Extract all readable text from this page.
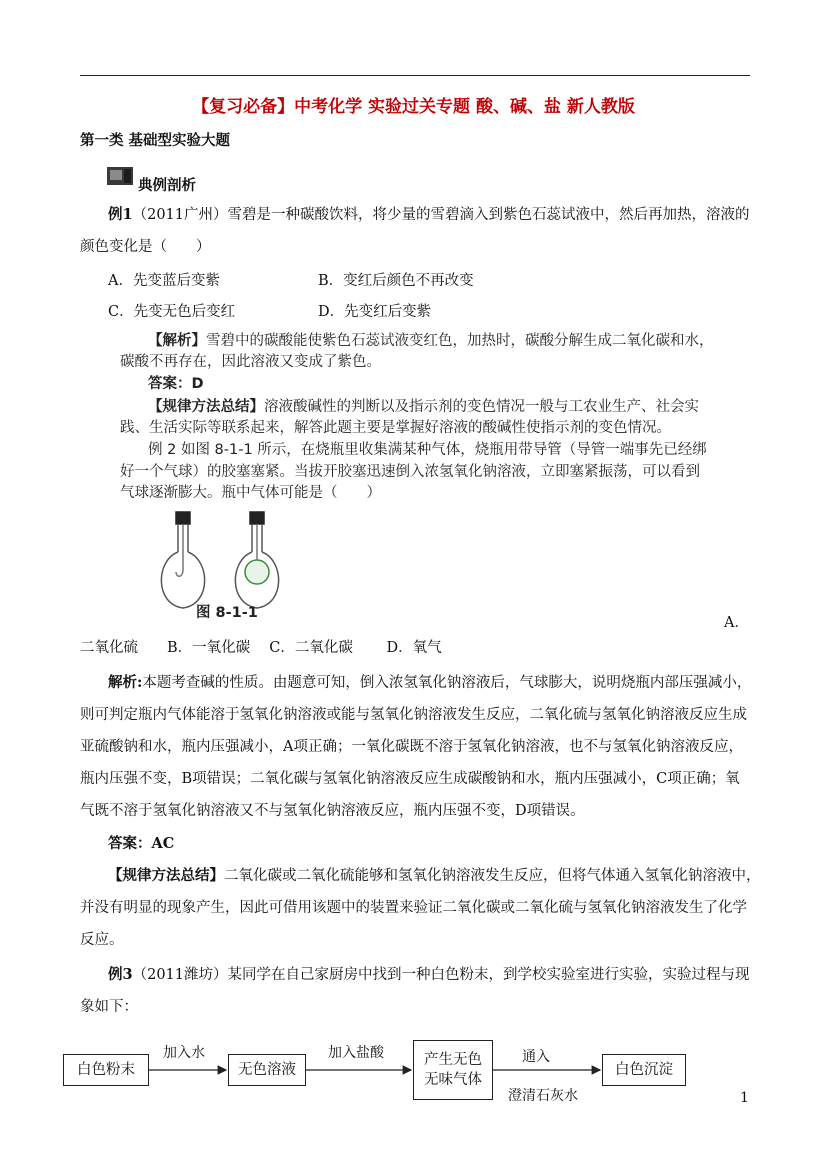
【复习必备】中考化学 实验过关专题 酸、碱、盐 新人教版
第一类 基础型实验大题
典例剖析
例1（2011广州）雪碧是一种碳酸饮料，将少量的雪碧滴入到紫色石蕊试液中，然后再加热，溶液的
颜色变化是（　　）
A．先变蓝后变紫	B．变红后颜色不再改变
C．先变无色后变红	D．先变红后变紫
【解析】雪碧中的碳酸能使紫色石蕊试液变红色，加热时，碳酸分解生成二氧化碳和水，
碳酸不再存在，因此溶液又变成了紫色。
答案：D
【规律方法总结】溶液酸碱性的判断以及指示剂的变色情况一般与工农业生产、社会实
践、生活实际等联系起来，解答此题主要是掌握好溶液的酸碱性使指示剂的变色情况。
例 2 如图 8-1-1 所示，在烧瓶里收集满某种气体，烧瓶用带导管（导管一端事先已经绑
好一个气球）的胶塞塞紧。当拔开胶塞迅速倒入浓氢氧化钠溶液，立即塞紧振荡，可以看到
气球逐渐膨大。瓶中气体可能是（　　）
图 8-1-1
A．
二氧化硫　　B．一氧化碳　 C．二氧化碳　　 D．氧气
解析:本题考查碱的性质。由题意可知，倒入浓氢氧化钠溶液后，气球膨大，说明烧瓶内部压强减小，
则可判定瓶内气体能溶于氢氧化钠溶液或能与氢氧化钠溶液发生反应，二氧化硫与氢氧化钠溶液反应生成
亚硫酸钠和水，瓶内压强减小，A项正确；一氧化碳既不溶于氢氧化钠溶液，也不与氢氧化钠溶液反应，
瓶内压强不变，B项错误；二氧化碳与氢氧化钠溶液反应生成碳酸钠和水，瓶内压强减小，C项正确；氧
气既不溶于氢氧化钠溶液又不与氢氧化钠溶液反应，瓶内压强不变，D项错误。
答案：AC
【规律方法总结】二氧化碳或二氧化硫能够和氢氧化钠溶液发生反应，但将气体通入氢氧化钠溶液中，
并没有明显的现象产生，因此可借用该题中的装置来验证二氧化碳或二氧化硫与氢氧化钠溶液发生了化学
反应。
例3（2011潍坊）某同学在自己家厨房中找到一种白色粉末，到学校实验室进行实验，实验过程与现
象如下：
白色粉末
加入水
无色溶液
加入盐酸	产生无色
无味气体
通入
澄清石灰水
白色沉淀
1
